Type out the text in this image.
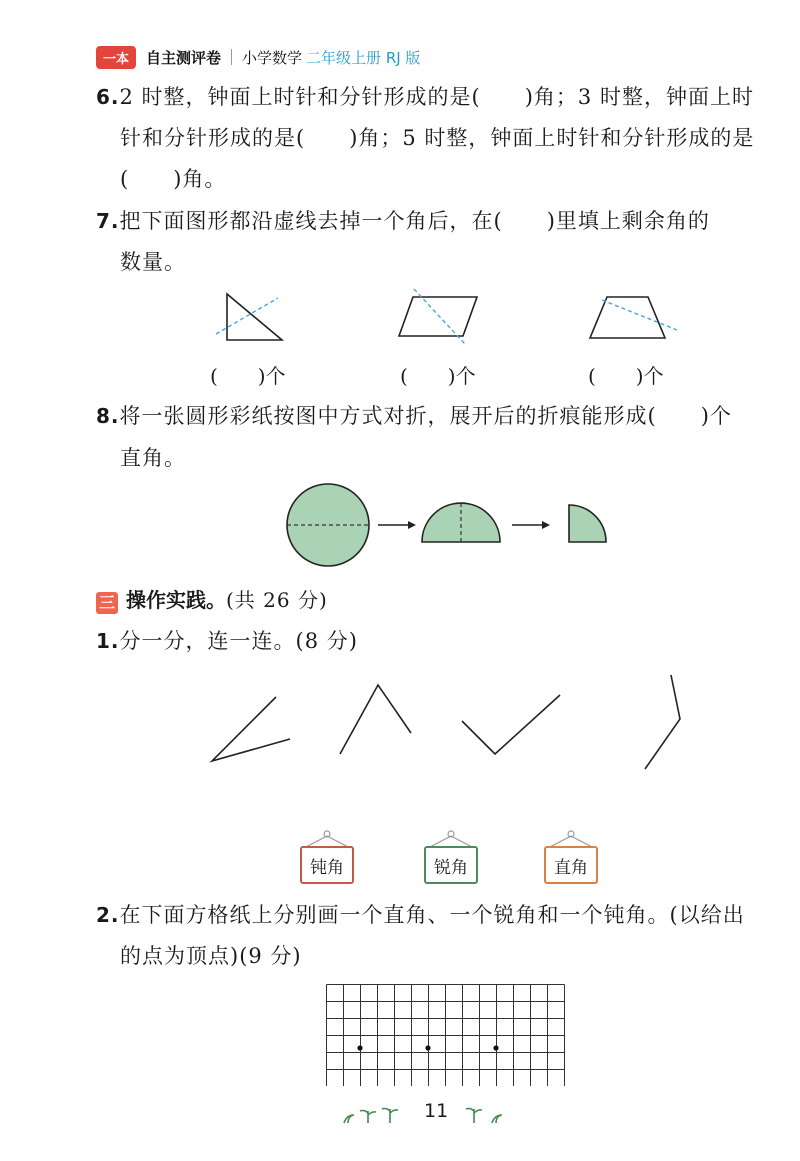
一本	自主测评卷 小学数学 二年级上册 RJ 版
6.2 时整，钟面上时针和分针形成的是(　　)角；3 时整，钟面上时
针和分针形成的是(　　)角；5 时整，钟面上时针和分针形成的是
(　　)角。
7.把下面图形都沿虚线去掉一个角后，在(　　)里填上剩余角的
数量。
(　　)个	(　　)个	(　　)个
8.将一张圆形彩纸按图中方式对折，展开后的折痕能形成(　　)个
直角。
三 操作实践。(共 26 分)
1.分一分，连一连。(8 分)
钝角	锐角	直角
2.在下面方格纸上分别画一个直角、一个锐角和一个钝角。(以给出
的点为顶点)(9 分)
11
